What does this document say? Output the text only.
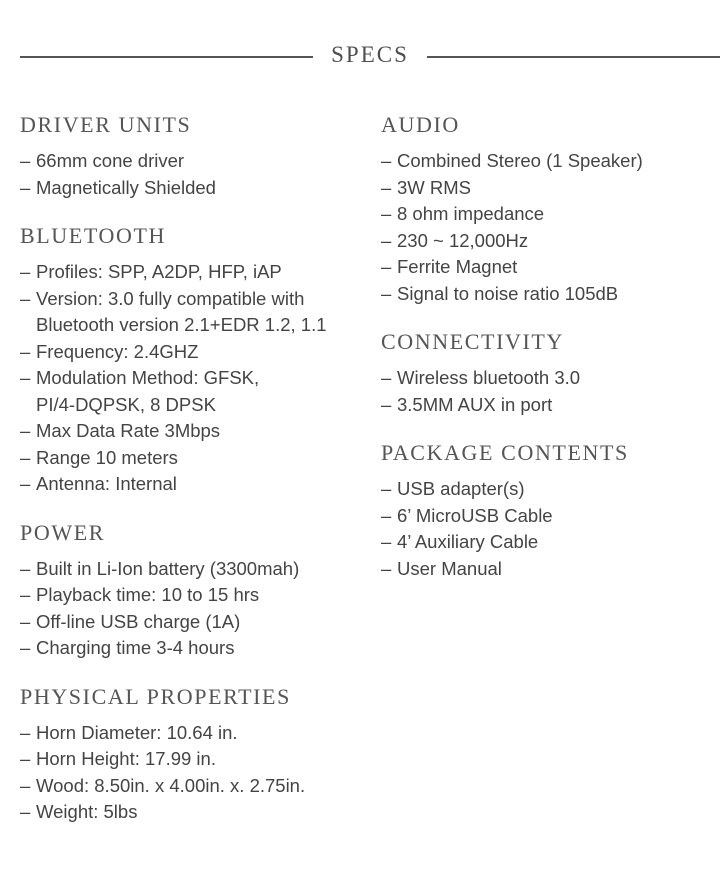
SPECS
DRIVER UNITS
– 66mm cone driver
– Magnetically Shielded
BLUETOOTH
– Profiles: SPP, A2DP, HFP, iAP
– Version: 3.0 fully compatible with
Bluetooth version 2.1+EDR 1.2, 1.1
– Frequency: 2.4GHZ
– Modulation Method: GFSK,
PI/4-DQPSK, 8 DPSK
– Max Data Rate 3Mbps
– Range 10 meters
– Antenna: Internal
POWER
– Built in Li-Ion battery (3300mah)
– Playback time: 10 to 15 hrs
– Off-line USB charge (1A)
– Charging time 3-4 hours
PHYSICAL PROPERTIES
– Horn Diameter: 10.64 in.
– Horn Height: 17.99 in.
– Wood: 8.50in. x 4.00in. x. 2.75in.
– Weight: 5lbs
AUDIO
– Combined Stereo (1 Speaker)
– 3W RMS
– 8 ohm impedance
– 230 ~ 12,000Hz
– Ferrite Magnet
– Signal to noise ratio 105dB
CONNECTIVITY
– Wireless bluetooth 3.0
– 3.5MM AUX in port
PACKAGE CONTENTS
– USB adapter(s)
– 6’ MicroUSB Cable
– 4’ Auxiliary Cable
– User Manual
